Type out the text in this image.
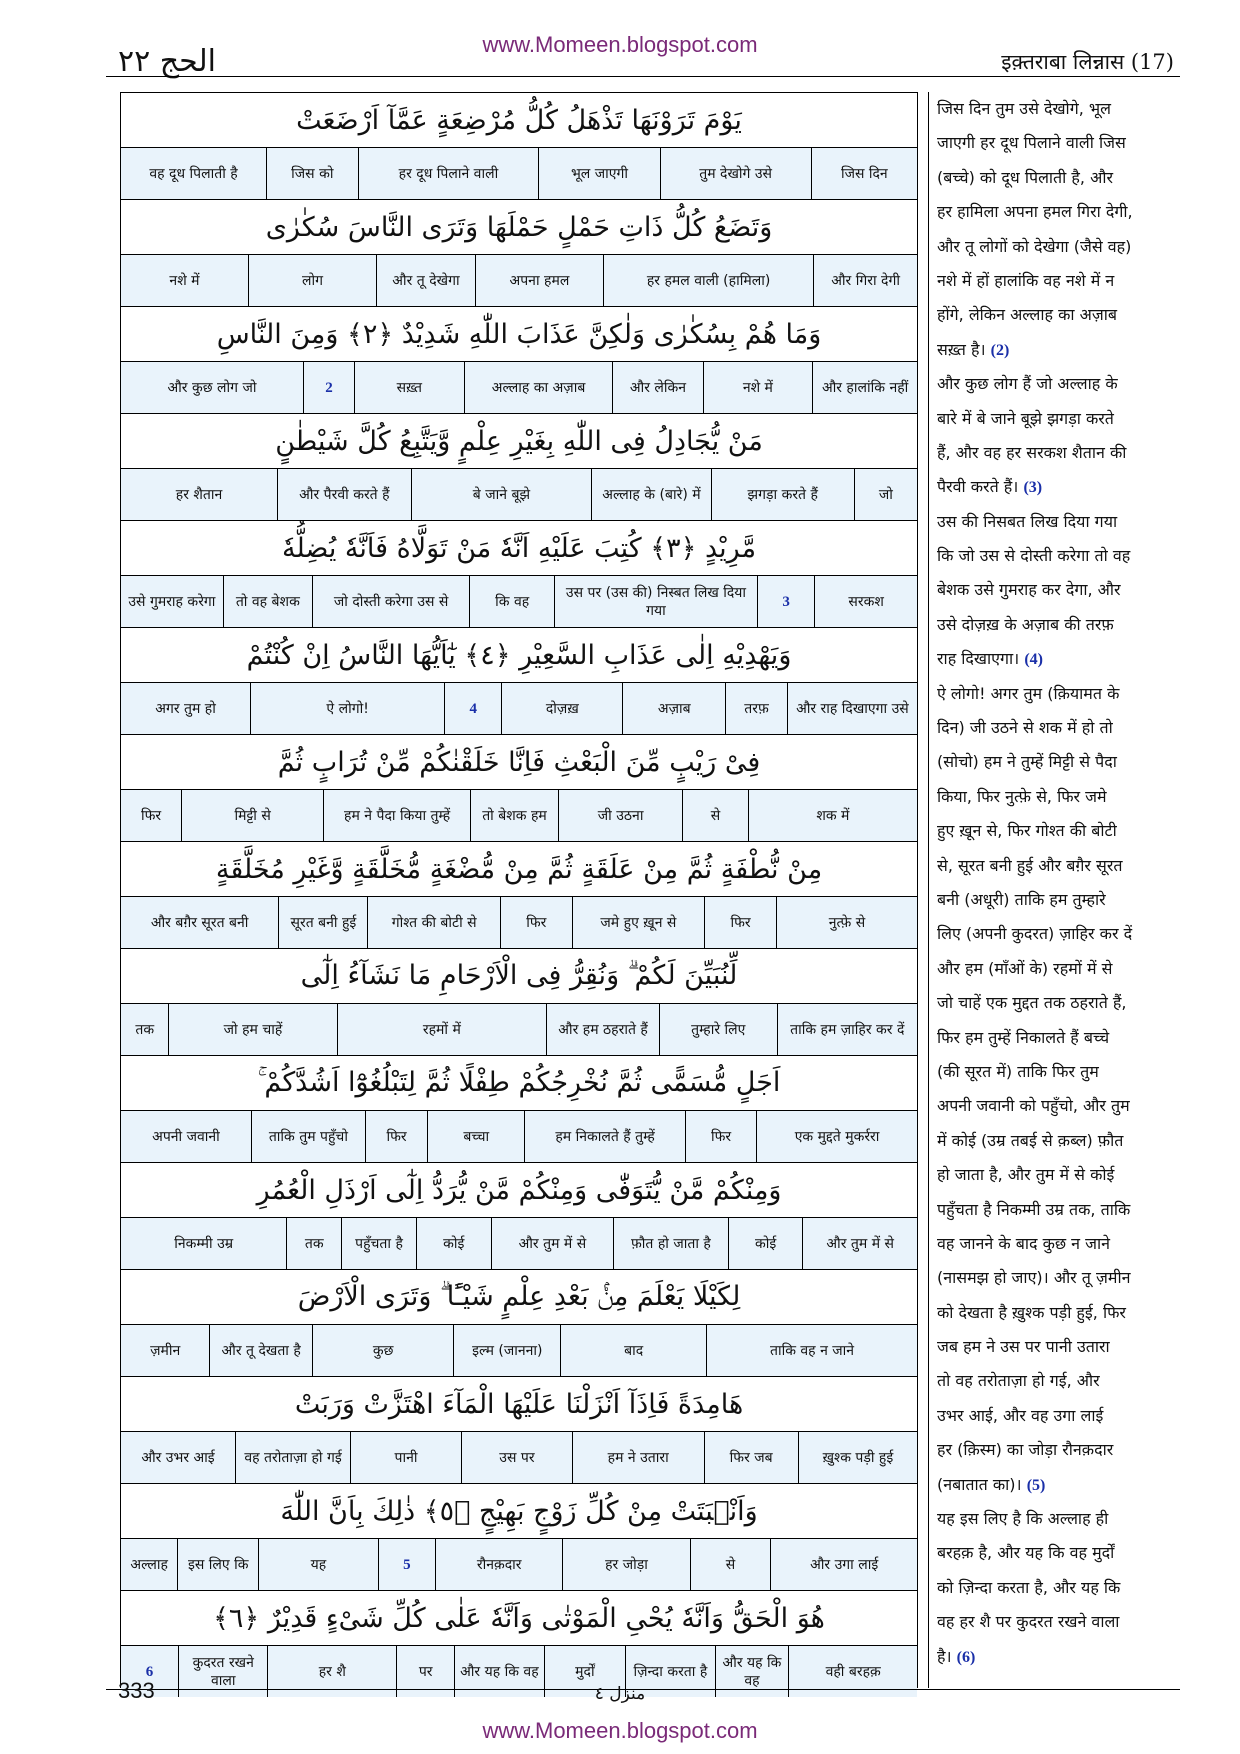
www.Momeen.blogspot.com
الحج ٢٢	इक़्तराबा लिन्नास (17)
يَوْمَ تَرَوْنَهَا تَذْهَلُ كُلُّ مُرْضِعَةٍ عَمَّآ اَرْضَعَتْ
जिस दिन
तुम देखोगे उसे
भूल जाएगी
हर दूध पिलाने वाली
जिस को
वह दूध पिलाती है
وَتَضَعُ كُلُّ ذَاتِ حَمْلٍ حَمْلَهَا وَتَرَى النَّاسَ سُكٰرٰى
और गिरा देगी
हर हमल वाली (हामिला)
अपना हमल
और तू देखेगा
लोग
नशे में
وَمَا هُمْ بِسُكٰرٰى وَلٰكِنَّ عَذَابَ اللّٰهِ شَدِيْدٌ ﴿٢﴾ وَمِنَ النَّاسِ
और हालांकि नहीं
नशे में
और लेकिन
अल्लाह का अज़ाब
सख़्त
2
और कुछ लोग जो
مَنْ يُّجَادِلُ فِى اللّٰهِ بِغَيْرِ عِلْمٍ وَّيَتَّبِعُ كُلَّ شَيْطٰنٍ
जो
झगड़ा करते हैं
अल्लाह के (बारे) में
बे जाने बूझे
और पैरवी करते हैं
हर शैतान
مَّرِيْدٍ ﴿٣﴾ كُتِبَ عَلَيْهِ اَنَّهٗ مَنْ تَوَلَّاهُ فَاَنَّهٗ يُضِلُّهٗ
सरकश
3
उस पर (उस की) निस्बत लिख दिया गया
कि वह
जो दोस्ती करेगा उस से
तो वह बेशक
उसे गुमराह करेगा
وَيَهْدِيْهِ اِلٰى عَذَابِ السَّعِيْرِ ﴿٤﴾ يٰٓاَيُّهَا النَّاسُ اِنْ كُنْتُمْ
और राह दिखाएगा उसे
तरफ़
अज़ाब
दोज़ख़
4
ऐ लोगो!
अगर तुम हो
فِىْ رَيْبٍ مِّنَ الْبَعْثِ فَاِنَّا خَلَقْنٰكُمْ مِّنْ تُرَابٍ ثُمَّ
शक में
से
जी उठना
तो बेशक हम
हम ने पैदा किया तुम्हें
मिट्टी से
फिर
مِنْ نُّطْفَةٍ ثُمَّ مِنْ عَلَقَةٍ ثُمَّ مِنْ مُّضْغَةٍ مُّخَلَّقَةٍ وَّغَيْرِ مُخَلَّقَةٍ
नुत्फ़े से
फिर
जमे हुए ख़ून से
फिर
गोश्त की बोटी से
सूरत बनी हुई
और बग़ैर सूरत बनी
لِّنُبَيِّنَ لَكُمْ ۗ وَنُقِرُّ فِى الْاَرْحَامِ مَا نَشَآءُ اِلٰٓى
ताकि हम ज़ाहिर कर दें
तुम्हारे लिए
और हम ठहराते हैं
रहमों में
जो हम चाहें
तक
اَجَلٍ مُّسَمًّى ثُمَّ نُخْرِجُكُمْ طِفْلًا ثُمَّ لِتَبْلُغُوْٓا اَشُدَّكُمْ ۚ
एक मुद्दते मुकर्ररा
फिर
हम निकालते हैं तुम्हें
बच्चा
फिर
ताकि तुम पहुँचो
अपनी जवानी
وَمِنْكُمْ مَّنْ يُّتَوَفّٰى وَمِنْكُمْ مَّنْ يُّرَدُّ اِلٰٓى اَرْذَلِ الْعُمُرِ
और तुम में से
कोई
फ़ौत हो जाता है
और तुम में से
कोई
पहुँचता है
तक
निकम्मी उम्र
لِكَيْلَا يَعْلَمَ مِنْۢ بَعْدِ عِلْمٍ شَيْـًٔا ۗ وَتَرَى الْاَرْضَ
ताकि वह न जाने
बाद
इल्म (जानना)
कुछ
और तू देखता है
ज़मीन
هَامِدَةً فَاِذَآ اَنْزَلْنَا عَلَيْهَا الْمَآءَ اهْتَزَّتْ وَرَبَتْ
ख़ुश्क पड़ी हुई
फिर जब
हम ने उतारा
उस पर
पानी
वह तरोताज़ा हो गई
और उभर आई
وَاَنْۢبَتَتْ مِنْ كُلِّ زَوْجٍ بَهِيْجٍ ﴿٥﴾ ذٰلِكَ بِاَنَّ اللّٰهَ
और उगा लाई
से
हर जोड़ा
रौनक़दार
5
यह
इस लिए कि
अल्लाह
هُوَ الْحَقُّ وَاَنَّهٗ يُحْىِ الْمَوْتٰى وَاَنَّهٗ عَلٰى كُلِّ شَىْءٍ قَدِيْرٌ ﴿٦﴾
वही बरहक़
और यह कि वह
ज़िन्दा करता है
मुर्दों
और यह कि वह
पर
हर शै
कुदरत रखने वाला
6
जिस दिन तुम उसे देखोगे, भूल
जाएगी हर दूध पिलाने वाली जिस
(बच्चे) को दूध पिलाती है, और
हर हामिला अपना हमल गिरा देगी,
और तू लोगों को देखेगा (जैसे वह)
नशे में हों हालांकि वह नशे में न
होंगे, लेकिन अल्लाह का अज़ाब
सख़्त है। (2)
और कुछ लोग हैं जो अल्लाह के
बारे में बे जाने बूझे झगड़ा करते
हैं, और वह हर सरकश शैतान की
पैरवी करते हैं। (3)
उस की निसबत लिख दिया गया
कि जो उस से दोस्ती करेगा तो वह
बेशक उसे गुमराह कर देगा, और
उसे दोज़ख़ के अज़ाब की तरफ़
राह दिखाएगा। (4)
ऐ लोगो! अगर तुम (क़ियामत के
दिन) जी उठने से शक में हो तो
(सोचो) हम ने तुम्हें मिट्टी से पैदा
किया, फिर नुत्फ़े से, फिर जमे
हुए ख़ून से, फिर गोश्त की बोटी
से, सूरत बनी हुई और बग़ैर सूरत
बनी (अधूरी) ताकि हम तुम्हारे
लिए (अपनी कुदरत) ज़ाहिर कर दें
और हम (माँओं के) रहमों में से
जो चाहें एक मुद्दत तक ठहराते हैं,
फिर हम तुम्हें निकालते हैं बच्चे
(की सूरत में) ताकि फिर तुम
अपनी जवानी को पहुँचो, और तुम
में कोई (उम्र तबई से क़ब्ल) फ़ौत
हो जाता है, और तुम में से कोई
पहुँचता है निकम्मी उम्र तक, ताकि
वह जानने के बाद कुछ न जाने
(नासमझ हो जाए)। और तू ज़मीन
को देखता है ख़ुश्क पड़ी हुई, फिर
जब हम ने उस पर पानी उतारा
तो वह तरोताज़ा हो गई, और
उभर आई, और वह उगा लाई
हर (क़िस्म) का जोड़ा रौनक़दार
(नबातात का)। (5)
यह इस लिए है कि अल्लाह ही
बरहक़ है, और यह कि वह मुर्दों
को ज़िन्दा करता है, और यह कि
वह हर शै पर कुदरत रखने वाला
है। (6)
333	منزل ٤
www.Momeen.blogspot.com
